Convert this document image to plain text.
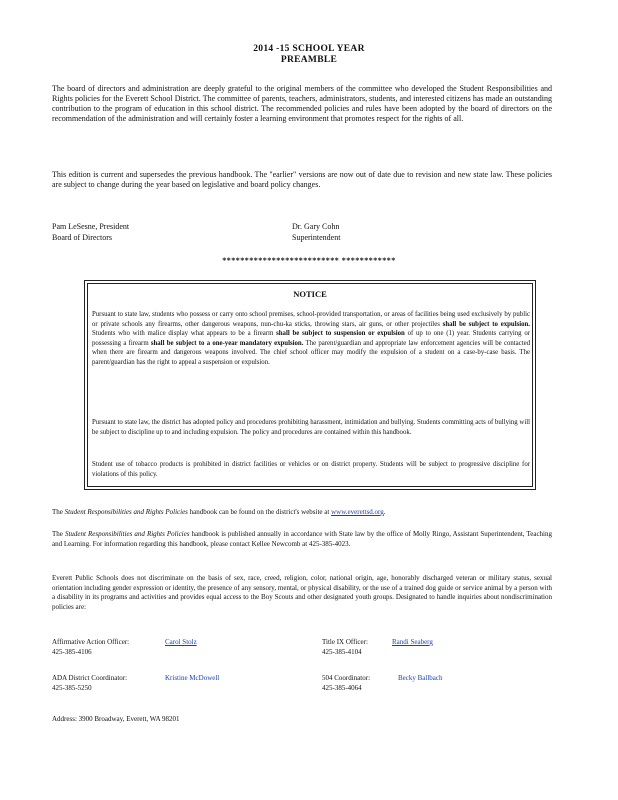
2014 -15 SCHOOL YEAR
PREAMBLE
The board of directors and administration are deeply grateful to the original members of the committee who developed the Student Responsibilities and Rights policies for the Everett School District. The committee of parents, teachers, administrators, students, and interested citizens has made an outstanding contribution to the program of education in this school district. The recommended policies and rules have been adopted by the board of directors on the recommendation of the administration and will certainly foster a learning environment that promotes respect for the rights of all.
This edition is current and supersedes the previous handbook. The "earlier" versions are now out of date due to revision and new state law. These policies are subject to change during the year based on legislative and board policy changes.
Pam LeSesne, President
Board of Directors
Dr. Gary Cohn
Superintendent
************************** ************
NOTICE
Pursuant to state law, students who possess or carry onto school premises, school-provided transportation, or areas of facilities being used exclusively by public or private schools any firearms, other dangerous weapons, nun-chu-ka sticks, throwing stars, air guns, or other projectiles shall be subject to expulsion. Students who with malice display what appears to be a firearm shall be subject to suspension or expulsion of up to one (1) year. Students carrying or possessing a firearm shall be subject to a one-year mandatory expulsion. The parent/guardian and appropriate law enforcement agencies will be contacted when there are firearm and dangerous weapons involved. The chief school officer may modify the expulsion of a student on a case-by-case basis. The parent/guardian has the right to appeal a suspension or expulsion.
Pursuant to state law, the district has adopted policy and procedures prohibiting harassment, intimidation and bullying. Students committing acts of bullying will be subject to discipline up to and including expulsion. The policy and procedures are contained within this handbook.
Student use of tobacco products is prohibited in district facilities or vehicles or on district property. Students will be subject to progressive discipline for violations of this policy.
The Student Responsibilities and Rights Policies handbook can be found on the district's website at www.everettsd.org.
The Student Responsibilities and Rights Policies handbook is published annually in accordance with State law by the office of Molly Ringo, Assistant Superintendent, Teaching and Learning. For information regarding this handbook, please contact Kellee Newcomb at 425-385-4023.
Everett Public Schools does not discriminate on the basis of sex, race, creed, religion, color, national origin, age, honorably discharged veteran or military status, sexual orientation including gender expression or identity, the presence of any sensory, mental, or physical disability, or the use of a trained dog guide or service animal by a person with a disability in its programs and activities and provides equal access to the Boy Scouts and other designated youth groups. Designated to handle inquiries about nondiscrimination policies are:
Affirmative Action Officer:	Carol Stolz
425-385-4106
Title IX Officer:	Randi Seaberg
425-385-4104
ADA District Coordinator:	Kristine McDowell
425-385-5250
504 Coordinator:	Becky Ballbach
425-385-4064
Address: 3900 Broadway, Everett, WA 98201
